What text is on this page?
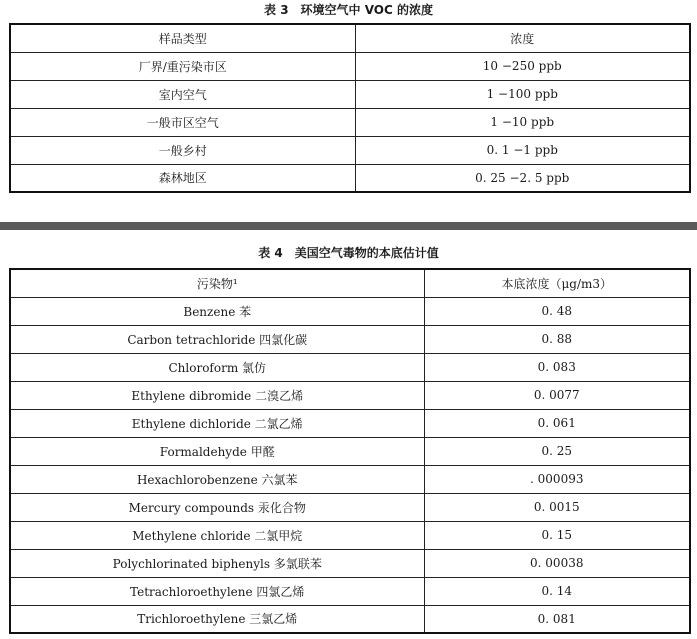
表 3　环境空气中 VOC 的浓度
样品类型	浓度
厂界/重污染市区	10 −250 ppb
室内空气	1 −100 ppb
一般市区空气	1 −10 ppb
一般乡村	0. 1 −1 ppb
森林地区	0. 25 −2. 5 ppb
表 4　美国空气毒物的本底估计值
污染物¹	本底浓度（μg/m3）
Benzene 苯	0. 48
Carbon tetrachloride 四氯化碳	0. 88
Chloroform 氯仿	0. 083
Ethylene dibromide 二溴乙烯	0. 0077
Ethylene dichloride 二氯乙烯	0. 061
Formaldehyde 甲醛	0. 25
Hexachlorobenzene 六氯苯	. 000093
Mercury compounds 汞化合物	0. 0015
Methylene chloride 二氯甲烷	0. 15
Polychlorinated biphenyls 多氯联苯	0. 00038
Tetrachloroethylene 四氯乙烯	0. 14
Trichloroethylene 三氯乙烯	0. 081
